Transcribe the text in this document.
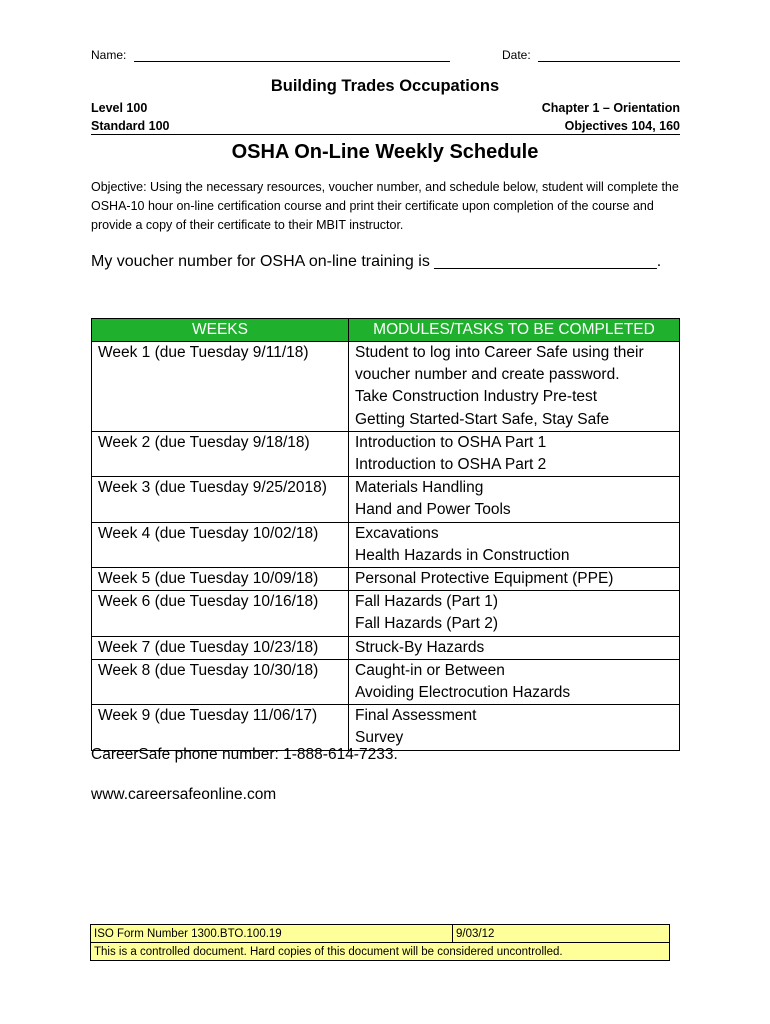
Name:	Date:
Building Trades Occupations
Level 100
Standard 100
Chapter 1 – Orientation
Objectives 104, 160
OSHA On-Line Weekly Schedule
Objective: Using the necessary resources, voucher number, and schedule below, student will complete the OSHA-10 hour on-line certification course and print their certificate upon completion of the course and provide a copy of their certificate to their MBIT instructor.
My voucher number for OSHA on-line training is _________________________.
WEEKS	MODULES/TASKS TO BE COMPLETED
Week 1 (due Tuesday 9/11/18)	Student to log into Career Safe using their voucher number and create password.
Take Construction Industry Pre-test
Getting Started-Start Safe, Stay Safe

Week 2 (due Tuesday 9/18/18)	Introduction to OSHA Part 1
Introduction to OSHA Part 2

Week 3 (due Tuesday 9/25/2018)	Materials Handling
Hand and Power Tools

Week 4 (due Tuesday 10/02/18)	Excavations
Health Hazards in Construction

Week 5 (due Tuesday 10/09/18)	Personal Protective Equipment (PPE)

Week 6 (due Tuesday 10/16/18)	Fall Hazards (Part 1)
Fall Hazards (Part 2)

Week 7 (due Tuesday 10/23/18)	Struck-By Hazards

Week 8 (due Tuesday 10/30/18)	Caught-in or Between
Avoiding Electrocution Hazards

Week 9 (due Tuesday 11/06/17)	Final Assessment
Survey
CareerSafe phone number: 1-888-614-7233.
www.careersafeonline.com
ISO Form Number 1300.BTO.100.19	9/03/12
This is a controlled document. Hard copies of this document will be considered uncontrolled.
